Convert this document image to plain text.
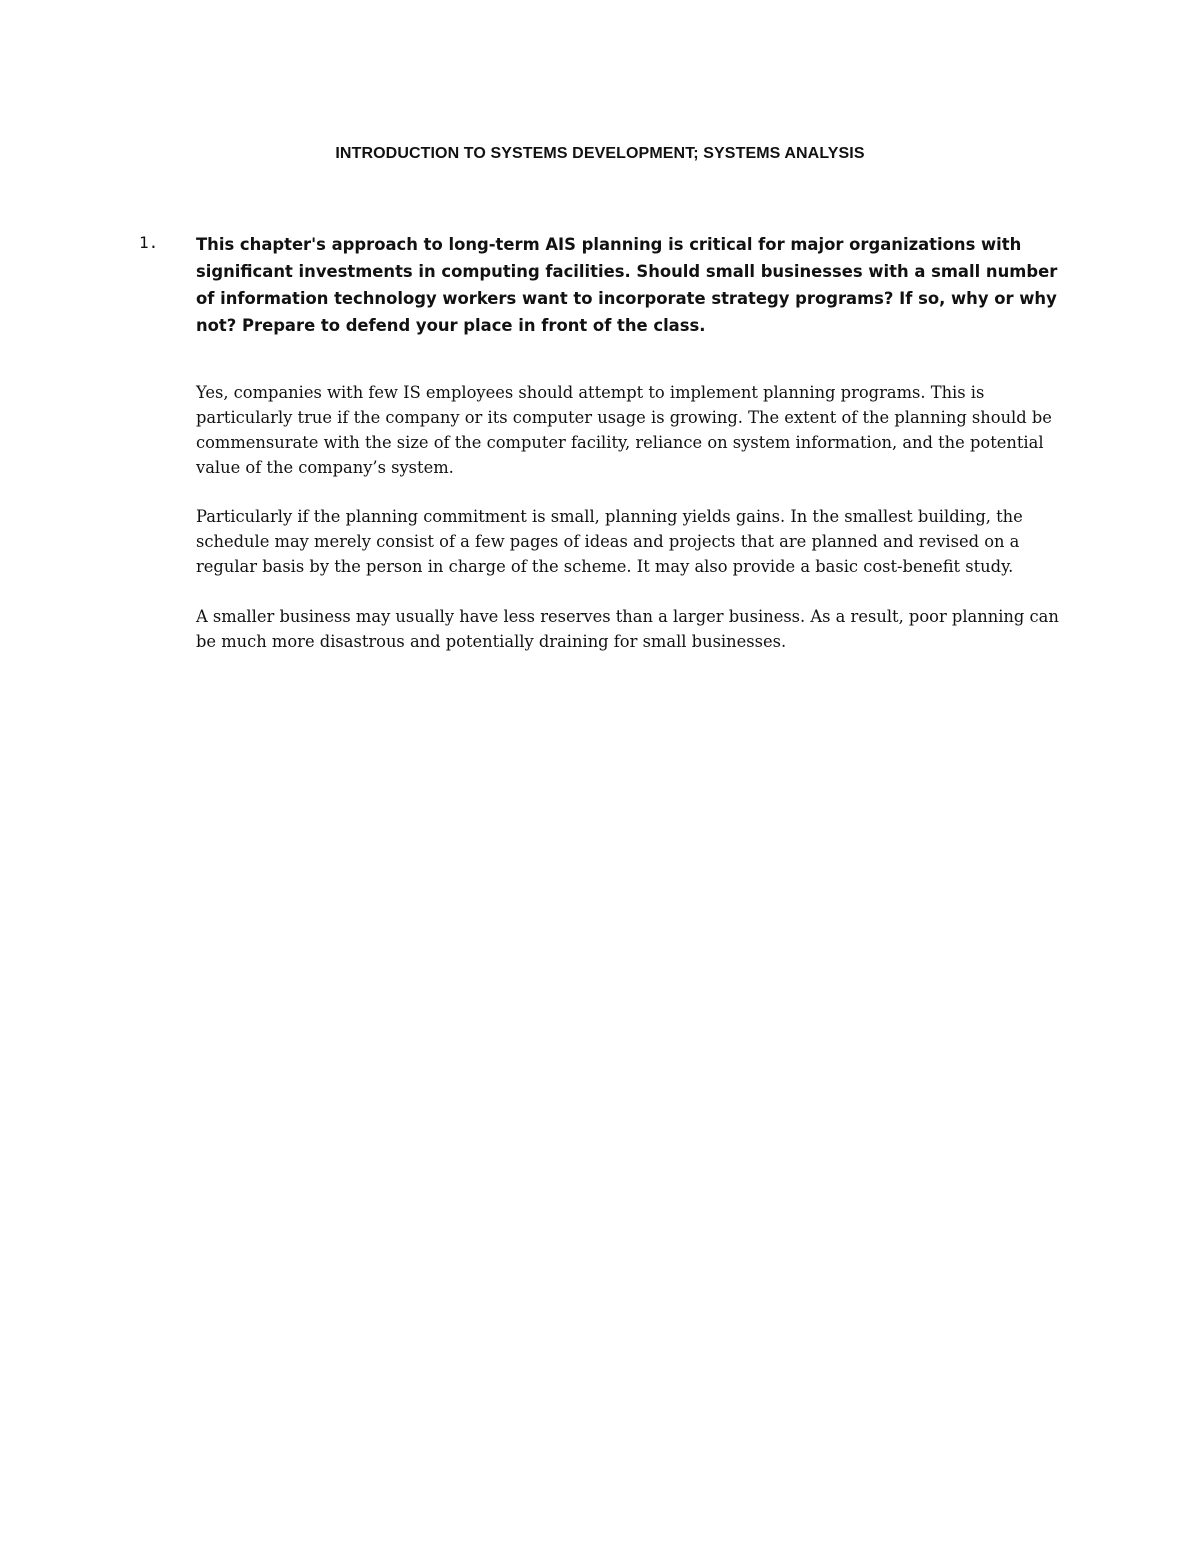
INTRODUCTION TO SYSTEMS DEVELOPMENT; SYSTEMS ANALYSIS
1. This chapter's approach to long-term AIS planning is critical for major organizations with significant investments in computing facilities. Should small businesses with a small number of information technology workers want to incorporate strategy programs? If so, why or why not? Prepare to defend your place in front of the class.

Yes, companies with few IS employees should attempt to implement planning programs. This is particularly true if the company or its computer usage is growing. The extent of the planning should be commensurate with the size of the computer facility, reliance on system information, and the potential value of the company’s system.

Particularly if the planning commitment is small, planning yields gains. In the smallest building, the schedule may merely consist of a few pages of ideas and projects that are planned and revised on a regular basis by the person in charge of the scheme. It may also provide a basic cost-benefit study.

A smaller business may usually have less reserves than a larger business. As a result, poor planning can be much more disastrous and potentially draining for small businesses.
